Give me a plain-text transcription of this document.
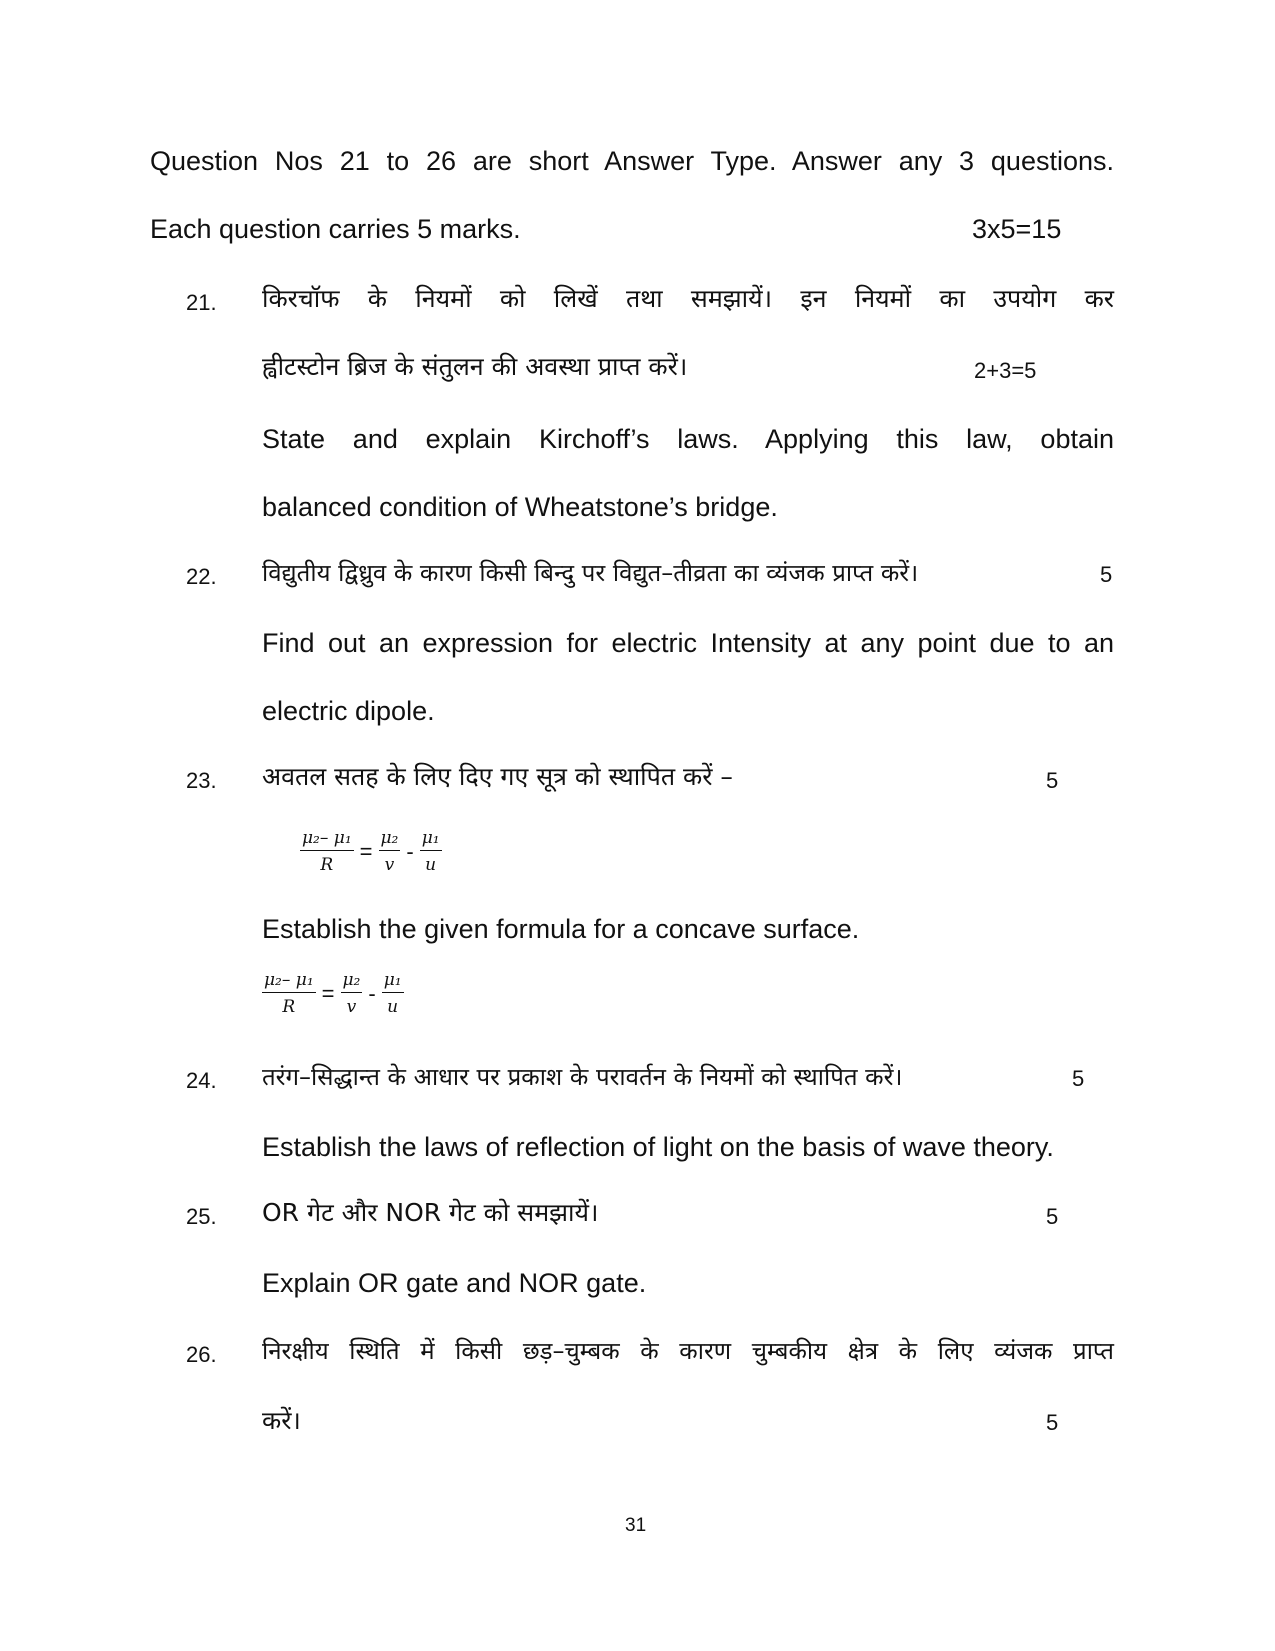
Question Nos 21 to 26 are short Answer Type. Answer any 3 questions.
Each question carries 5 marks.	3x5=15
21. किरचॉफ के नियमों को लिखें तथा समझायें। इन नियमों का उपयोग कर
ह्वीटस्टोन ब्रिज के संतुलन की अवस्था प्राप्त करें।	2+3=5
State and explain Kirchoff’s laws. Applying this law, obtain
balanced condition of Wheatstone’s bridge.
22. विद्युतीय द्विध्रुव के कारण किसी बिन्दु पर विद्युत–तीव्रता का व्यंजक प्राप्त करें।	5
Find out an expression for electric Intensity at any point due to an
electric dipole.
23. अवतल सतह के लिए दिए गए सूत्र को स्थापित करें –	5
$\frac{\text{μ₂– μ₁}}{R} = \frac{\text{μ₂}}{v} - \frac{\text{μ₁}}{u}$
Establish the given formula for a concave surface.
$\frac{\text{μ₂– μ₁}}{R} = \frac{\text{μ₂}}{v} - \frac{\text{μ₁}}{u}$
24. तरंग–सिद्धान्त के आधार पर प्रकाश के परावर्तन के नियमों को स्थापित करें।	5
Establish the laws of reflection of light on the basis of wave theory.
25. OR गेट और NOR गेट को समझायें।	5
Explain OR gate and NOR gate.
26. निरक्षीय स्थिति में किसी छड़–चुम्बक के कारण चुम्बकीय क्षेत्र के लिए व्यंजक प्राप्त
करें।	5
31
